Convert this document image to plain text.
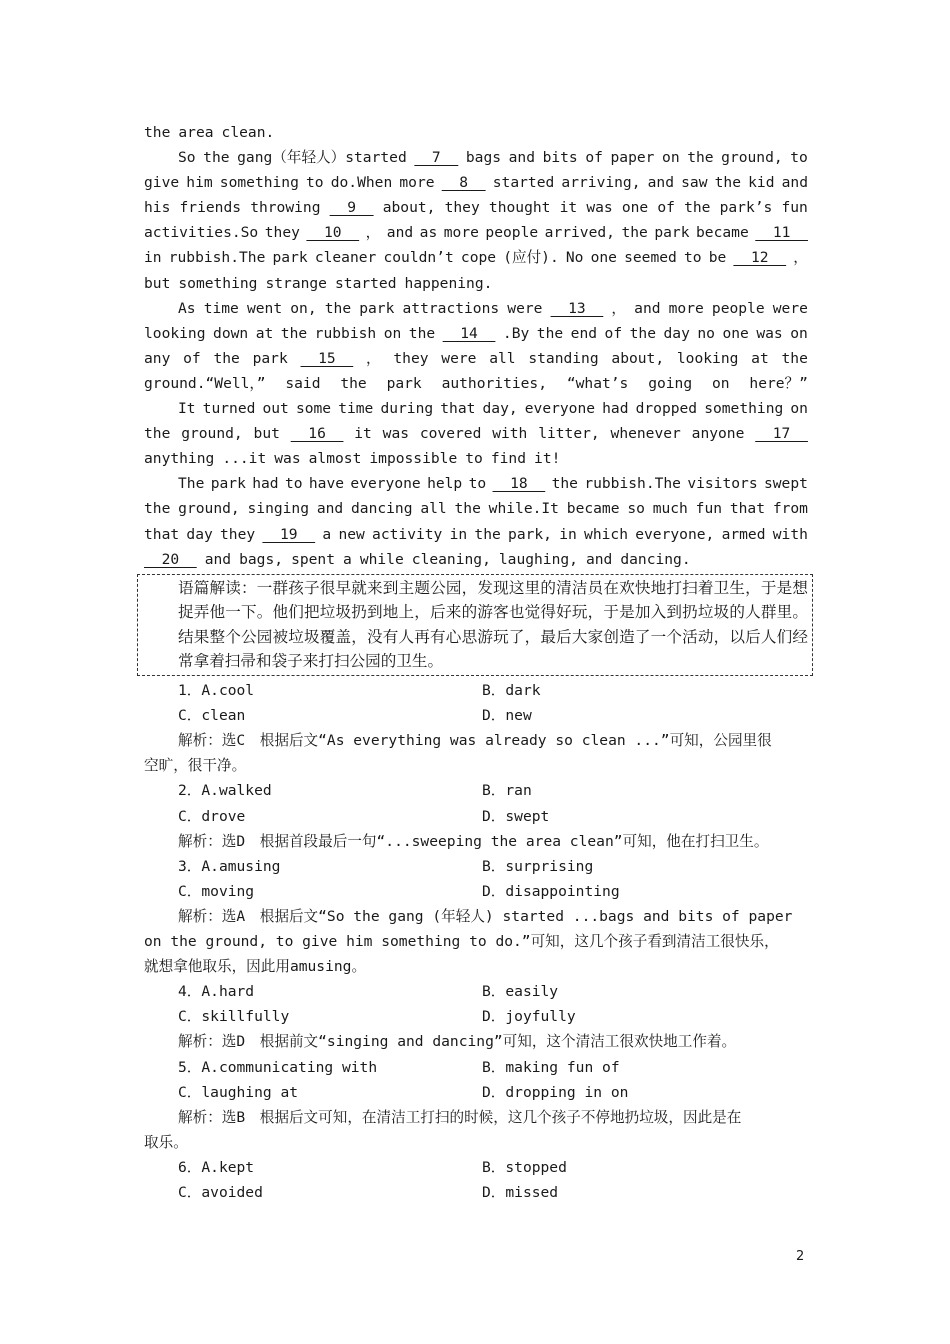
the area clean.
So the gang（年轻人）started 7 bags and bits of paper on the ground, to
give him something to do.When more 8 started arriving, and saw the kid and
his friends throwing 9 about, they thought it was one of the park’s fun
activities.So they 10 ， and as more people arrived, the park became 11
in rubbish.The park cleaner couldn’t cope (应付). No one seemed to be 12 ，
but something strange started happening.
As time went on, the park attractions were 13 ， and more people were
looking down at the rubbish on the 14 .By the end of the day no one was on
any of the park 15 ， they were all standing about, looking at the
ground.“Well，” said the park authorities, “what’s going on here？”
It turned out some time during that day, everyone had dropped something on
the ground, but 16 it was covered with litter, whenever anyone 17
anything ...it was almost impossible to find it!
The park had to have everyone help to 18 the rubbish.The visitors swept
the ground, singing and dancing all the while.It became so much fun that from
that day they 19 a new activity in the park, in which everyone, armed with
20 and bags, spent a while cleaning, laughing, and dancing.
语篇解读：一群孩子很早就来到主题公园，发现这里的清洁员在欢快地打扫着卫生，于是想捉弄他一下。他们把垃圾扔到地上，后来的游客也觉得好玩，于是加入到扔垃圾的人群里。结果整个公园被垃圾覆盖，没有人再有心思游玩了，最后大家创造了一个活动，以后人们经常拿着扫帚和袋子来打扫公园的卫生。
1．A.cool	B．dark
C．clean	D．new
解析：选C　根据后文“As everything was already so clean ...”可知，公园里很
空旷，很干净。
2．A.walked	B．ran
C．drove	D．swept
解析：选D　根据首段最后一句“...sweeping the area clean”可知，他在打扫卫生。
3．A.amusing	B．surprising
C．moving	D．disappointing
解析：选A　根据后文“So the gang (年轻人) started ...bags and bits of paper
on the ground, to give him something to do.”可知，这几个孩子看到清洁工很快乐，
就想拿他取乐，因此用amusing。
4．A.hard	B．easily
C．skillfully	D．joyfully
解析：选D　根据前文“singing and dancing”可知，这个清洁工很欢快地工作着。
5．A.communicating with	B．making fun of
C．laughing at	D．dropping in on
解析：选B　根据后文可知，在清洁工打扫的时候，这几个孩子不停地扔垃圾，因此是在
取乐。
6．A.kept	B．stopped
C．avoided	D．missed
2
